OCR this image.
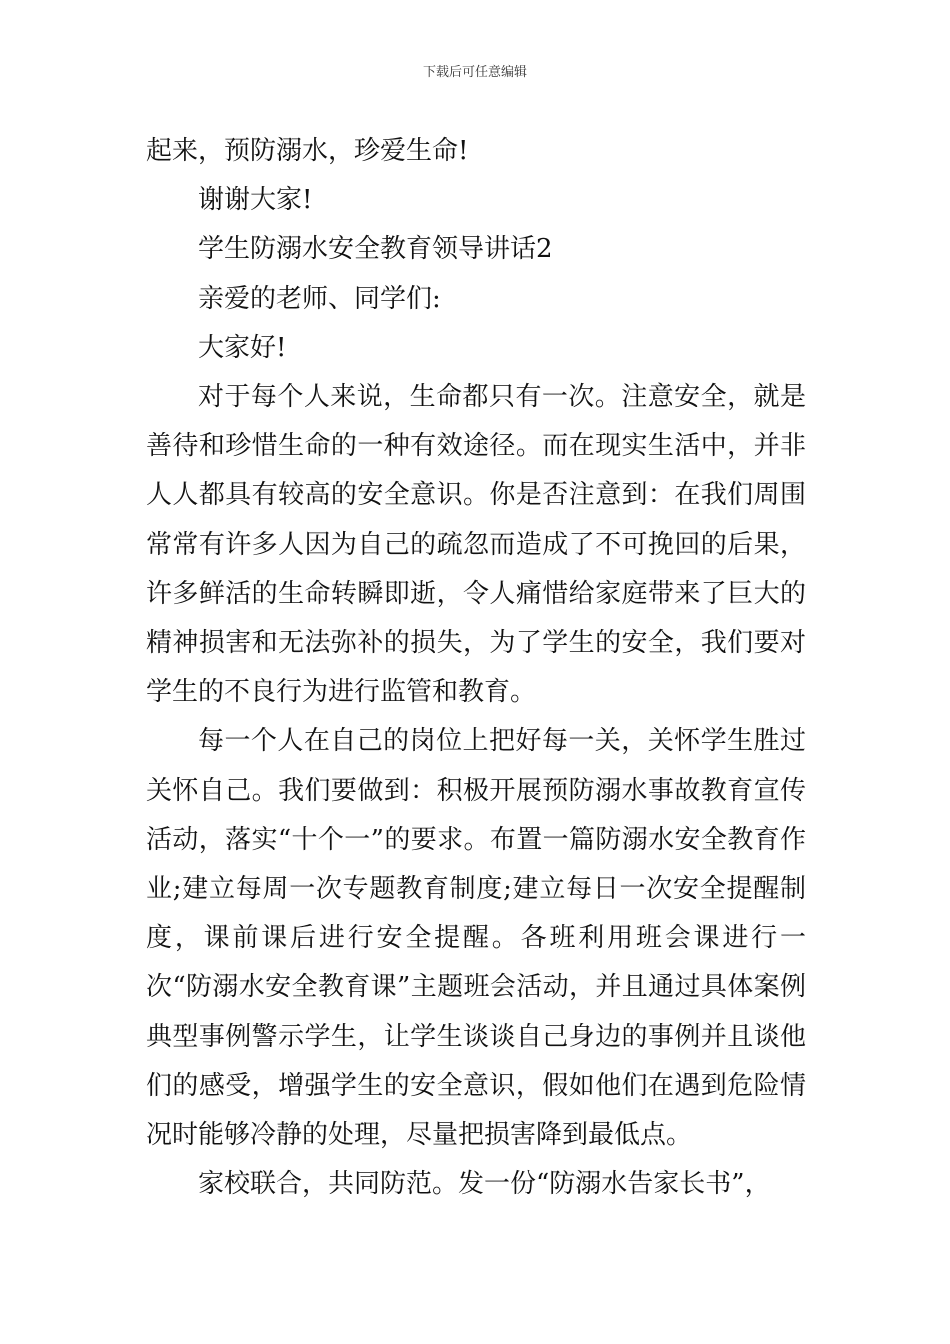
下载后可任意编辑

起来，预防溺水，珍爱生命!

谢谢大家!

学生防溺水安全教育领导讲话2

亲爱的老师、同学们:

大家好!

对于每个人来说，生命都只有一次。注意安全，就是善待和珍惜生命的一种有效途径。而在现实生活中，并非人人都具有较高的安全意识。你是否注意到：在我们周围常常有许多人因为自己的疏忽而造成了不可挽回的后果，许多鲜活的生命转瞬即逝，令人痛惜给家庭带来了巨大的精神损害和无法弥补的损失，为了学生的安全，我们要对学生的不良行为进行监管和教育。

每一个人在自己的岗位上把好每一关，关怀学生胜过关怀自己。我们要做到：积极开展预防溺水事故教育宣传活动，落实“十个一”的要求。布置一篇防溺水安全教育作业;建立每周一次专题教育制度;建立每日一次安全提醒制度，课前课后进行安全提醒。各班利用班会课进行一次“防溺水安全教育课”主题班会活动，并且通过具体案例典型事例警示学生，让学生谈谈自己身边的事例并且谈他们的感受，增强学生的安全意识，假如他们在遇到危险情况时能够冷静的处理，尽量把损害降到最低点。

家校联合，共同防范。发一份“防溺水告家长书”，
